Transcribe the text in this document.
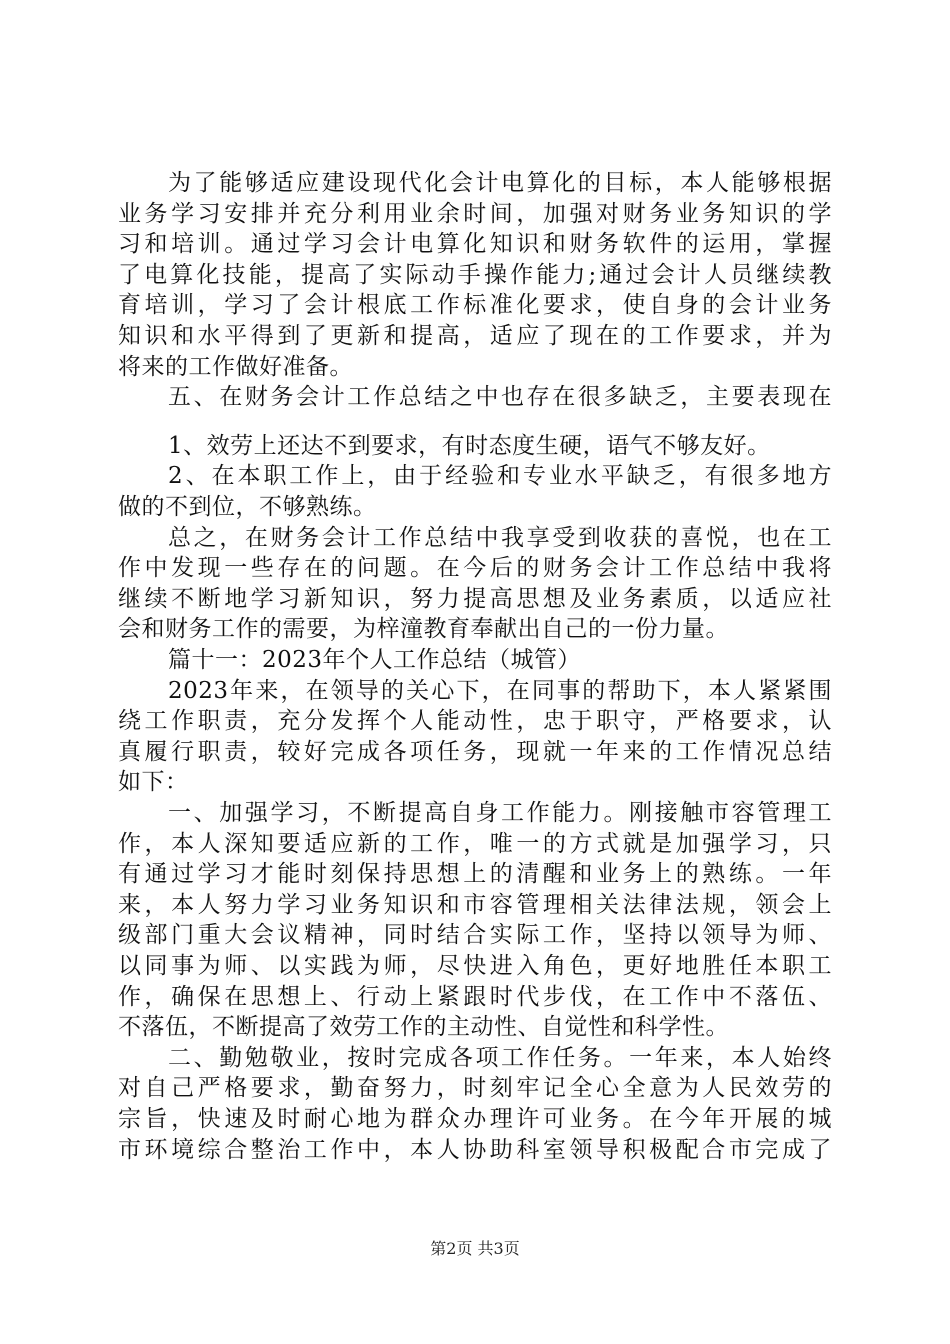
为了能够适应建设现代化会计电算化的目标，本人能够根据
业务学习安排并充分利用业余时间，加强对财务业务知识的学
习和培训。通过学习会计电算化知识和财务软件的运用，掌握
了电算化技能，提高了实际动手操作能力;通过会计人员继续教
育培训，学习了会计根底工作标准化要求，使自身的会计业务
知识和水平得到了更新和提高，适应了现在的工作要求，并为
将来的工作做好准备。
五、在财务会计工作总结之中也存在很多缺乏，主要表现在
1、效劳上还达不到要求，有时态度生硬，语气不够友好。
2、在本职工作上，由于经验和专业水平缺乏，有很多地方
做的不到位，不够熟练。
总之，在财务会计工作总结中我享受到收获的喜悦，也在工
作中发现一些存在的问题。在今后的财务会计工作总结中我将
继续不断地学习新知识，努力提高思想及业务素质，以适应社
会和财务工作的需要，为梓潼教育奉献出自己的一份力量。
篇十一：2023年个人工作总结（城管）
2023年来，在领导的关心下，在同事的帮助下，本人紧紧围
绕工作职责，充分发挥个人能动性，忠于职守，严格要求，认
真履行职责，较好完成各项任务，现就一年来的工作情况总结
如下：
一、加强学习，不断提高自身工作能力。刚接触市容管理工
作，本人深知要适应新的工作，唯一的方式就是加强学习，只
有通过学习才能时刻保持思想上的清醒和业务上的熟练。一年
来，本人努力学习业务知识和市容管理相关法律法规，领会上
级部门重大会议精神，同时结合实际工作，坚持以领导为师、
以同事为师、以实践为师，尽快进入角色，更好地胜任本职工
作，确保在思想上、行动上紧跟时代步伐，在工作中不落伍、
不落伍，不断提高了效劳工作的主动性、自觉性和科学性。
二、勤勉敬业，按时完成各项工作任务。一年来，本人始终
对自己严格要求，勤奋努力，时刻牢记全心全意为人民效劳的
宗旨，快速及时耐心地为群众办理许可业务。在今年开展的城
市环境综合整治工作中，本人协助科室领导积极配合市完成了
第2页 共3页
